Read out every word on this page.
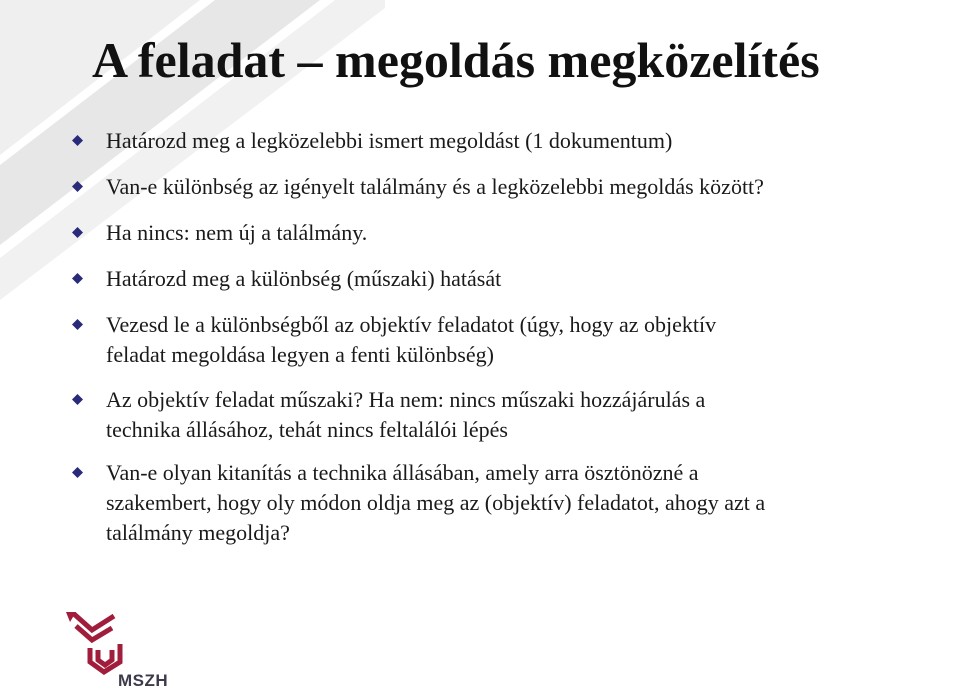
A feladat – megoldás megközelítés
Határozd meg a legközelebbi ismert megoldást (1 dokumentum)
Van-e különbség az igényelt találmány és a legközelebbi megoldás között?
Ha nincs: nem új a találmány.
Határozd meg a különbség (műszaki) hatását
Vezesd le a különbségből az objektív feladatot (úgy, hogy az objektív
feladat megoldása legyen a fenti különbség)
Az objektív feladat műszaki? Ha nem: nincs műszaki hozzájárulás a
technika állásához, tehát nincs feltalálói lépés
Van-e olyan kitanítás a technika állásában, amely arra ösztönözné a
szakembert, hogy oly módon oldja meg az (objektív) feladatot, ahogy azt a
találmány megoldja?
MSZH
